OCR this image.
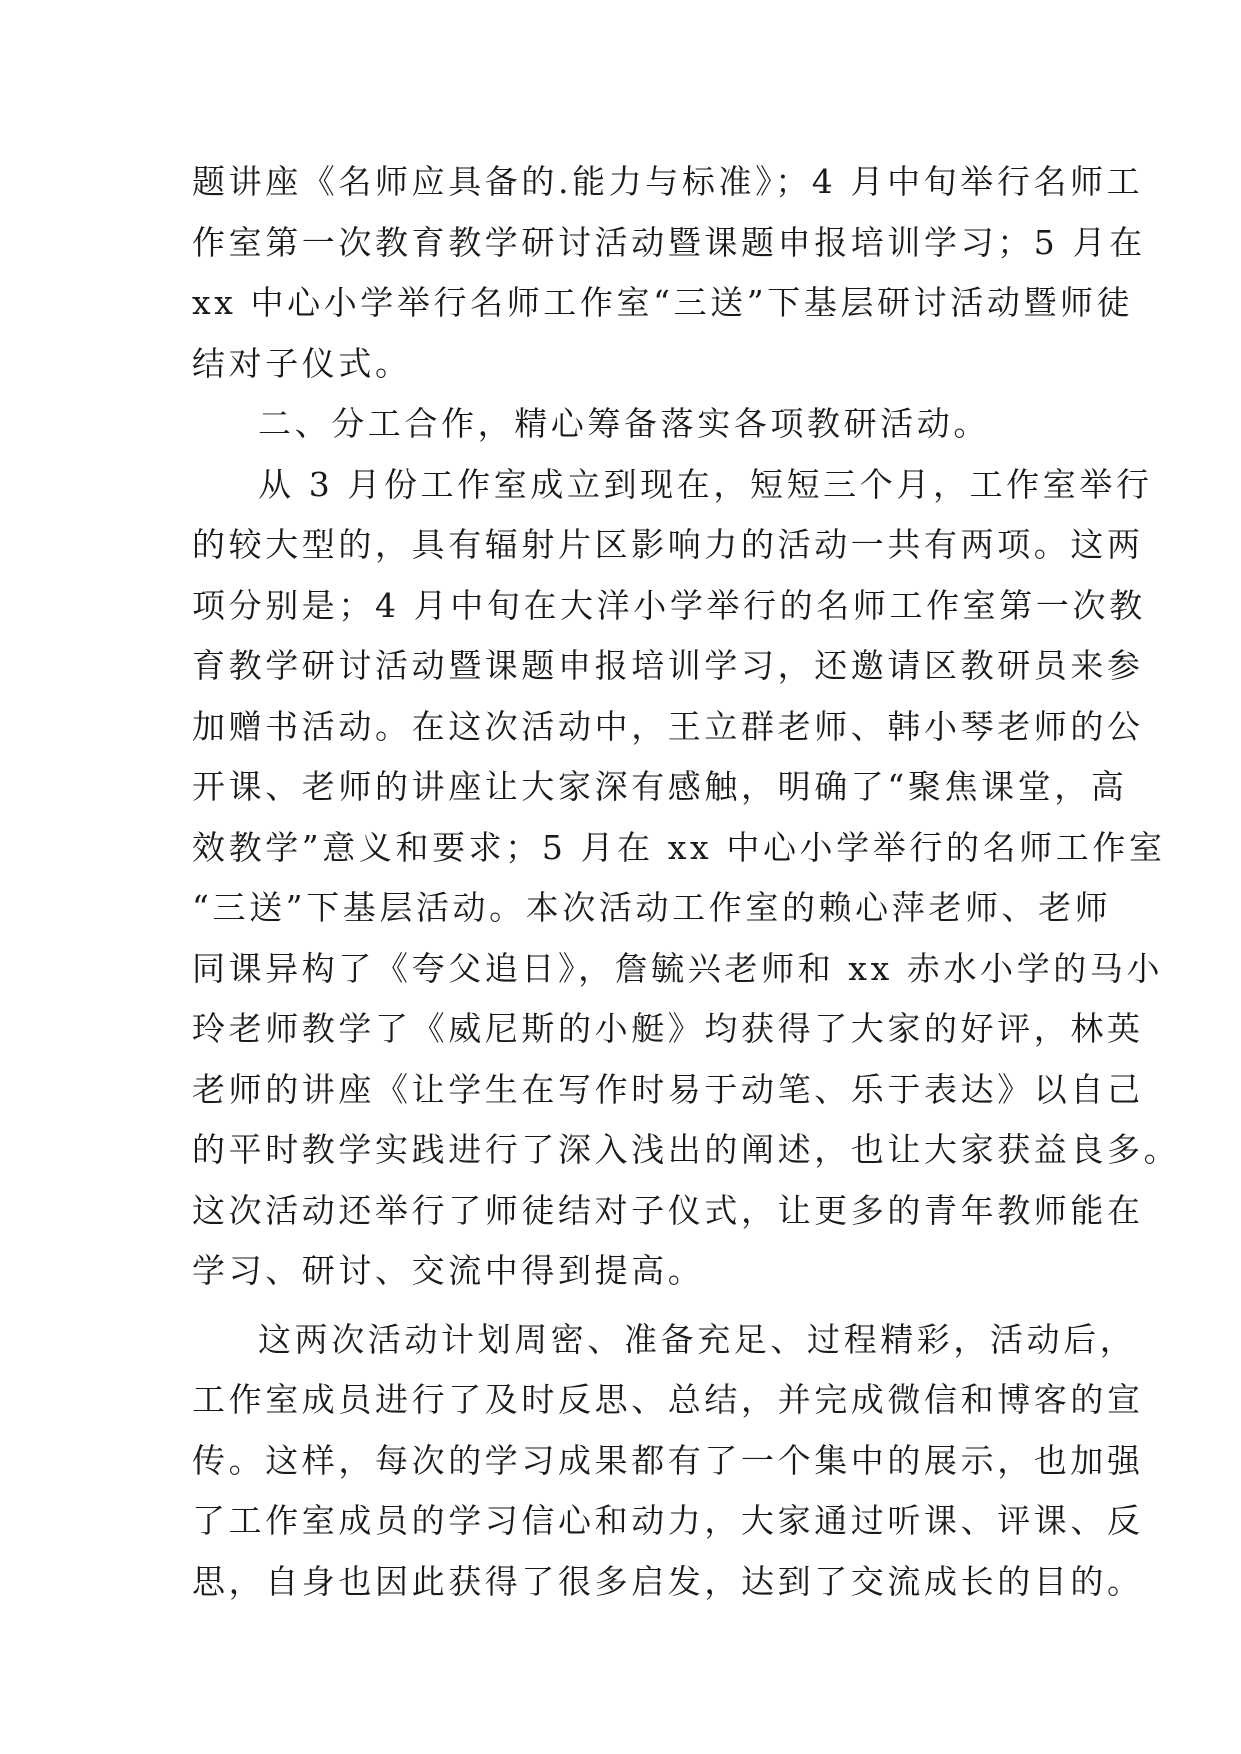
题讲座《名师应具备的.能力与标准》；4 月中旬举行名师工
作室第一次教育教学研讨活动暨课题申报培训学习；5 月在
xx 中心小学举行名师工作室“三送”下基层研讨活动暨师徒
结对子仪式。
二、分工合作，精心筹备落实各项教研活动。
从 3 月份工作室成立到现在，短短三个月，工作室举行
的较大型的，具有辐射片区影响力的活动一共有两项。这两
项分别是；4 月中旬在大洋小学举行的名师工作室第一次教
育教学研讨活动暨课题申报培训学习，还邀请区教研员来参
加赠书活动。在这次活动中，王立群老师、韩小琴老师的公
开课、老师的讲座让大家深有感触，明确了“聚焦课堂，高
效教学”意义和要求；5 月在 xx 中心小学举行的名师工作室
“三送”下基层活动。本次活动工作室的赖心萍老师、老师
同课异构了《夸父追日》，詹毓兴老师和 xx 赤水小学的马小
玲老师教学了《威尼斯的小艇》均获得了大家的好评，林英
老师的讲座《让学生在写作时易于动笔、乐于表达》以自己
的平时教学实践进行了深入浅出的阐述，也让大家获益良多。
这次活动还举行了师徒结对子仪式，让更多的青年教师能在
学习、研讨、交流中得到提高。
这两次活动计划周密、准备充足、过程精彩，活动后，
工作室成员进行了及时反思、总结，并完成微信和博客的宣
传。这样，每次的学习成果都有了一个集中的展示，也加强
了工作室成员的学习信心和动力，大家通过听课、评课、反
思，自身也因此获得了很多启发，达到了交流成长的目的。
